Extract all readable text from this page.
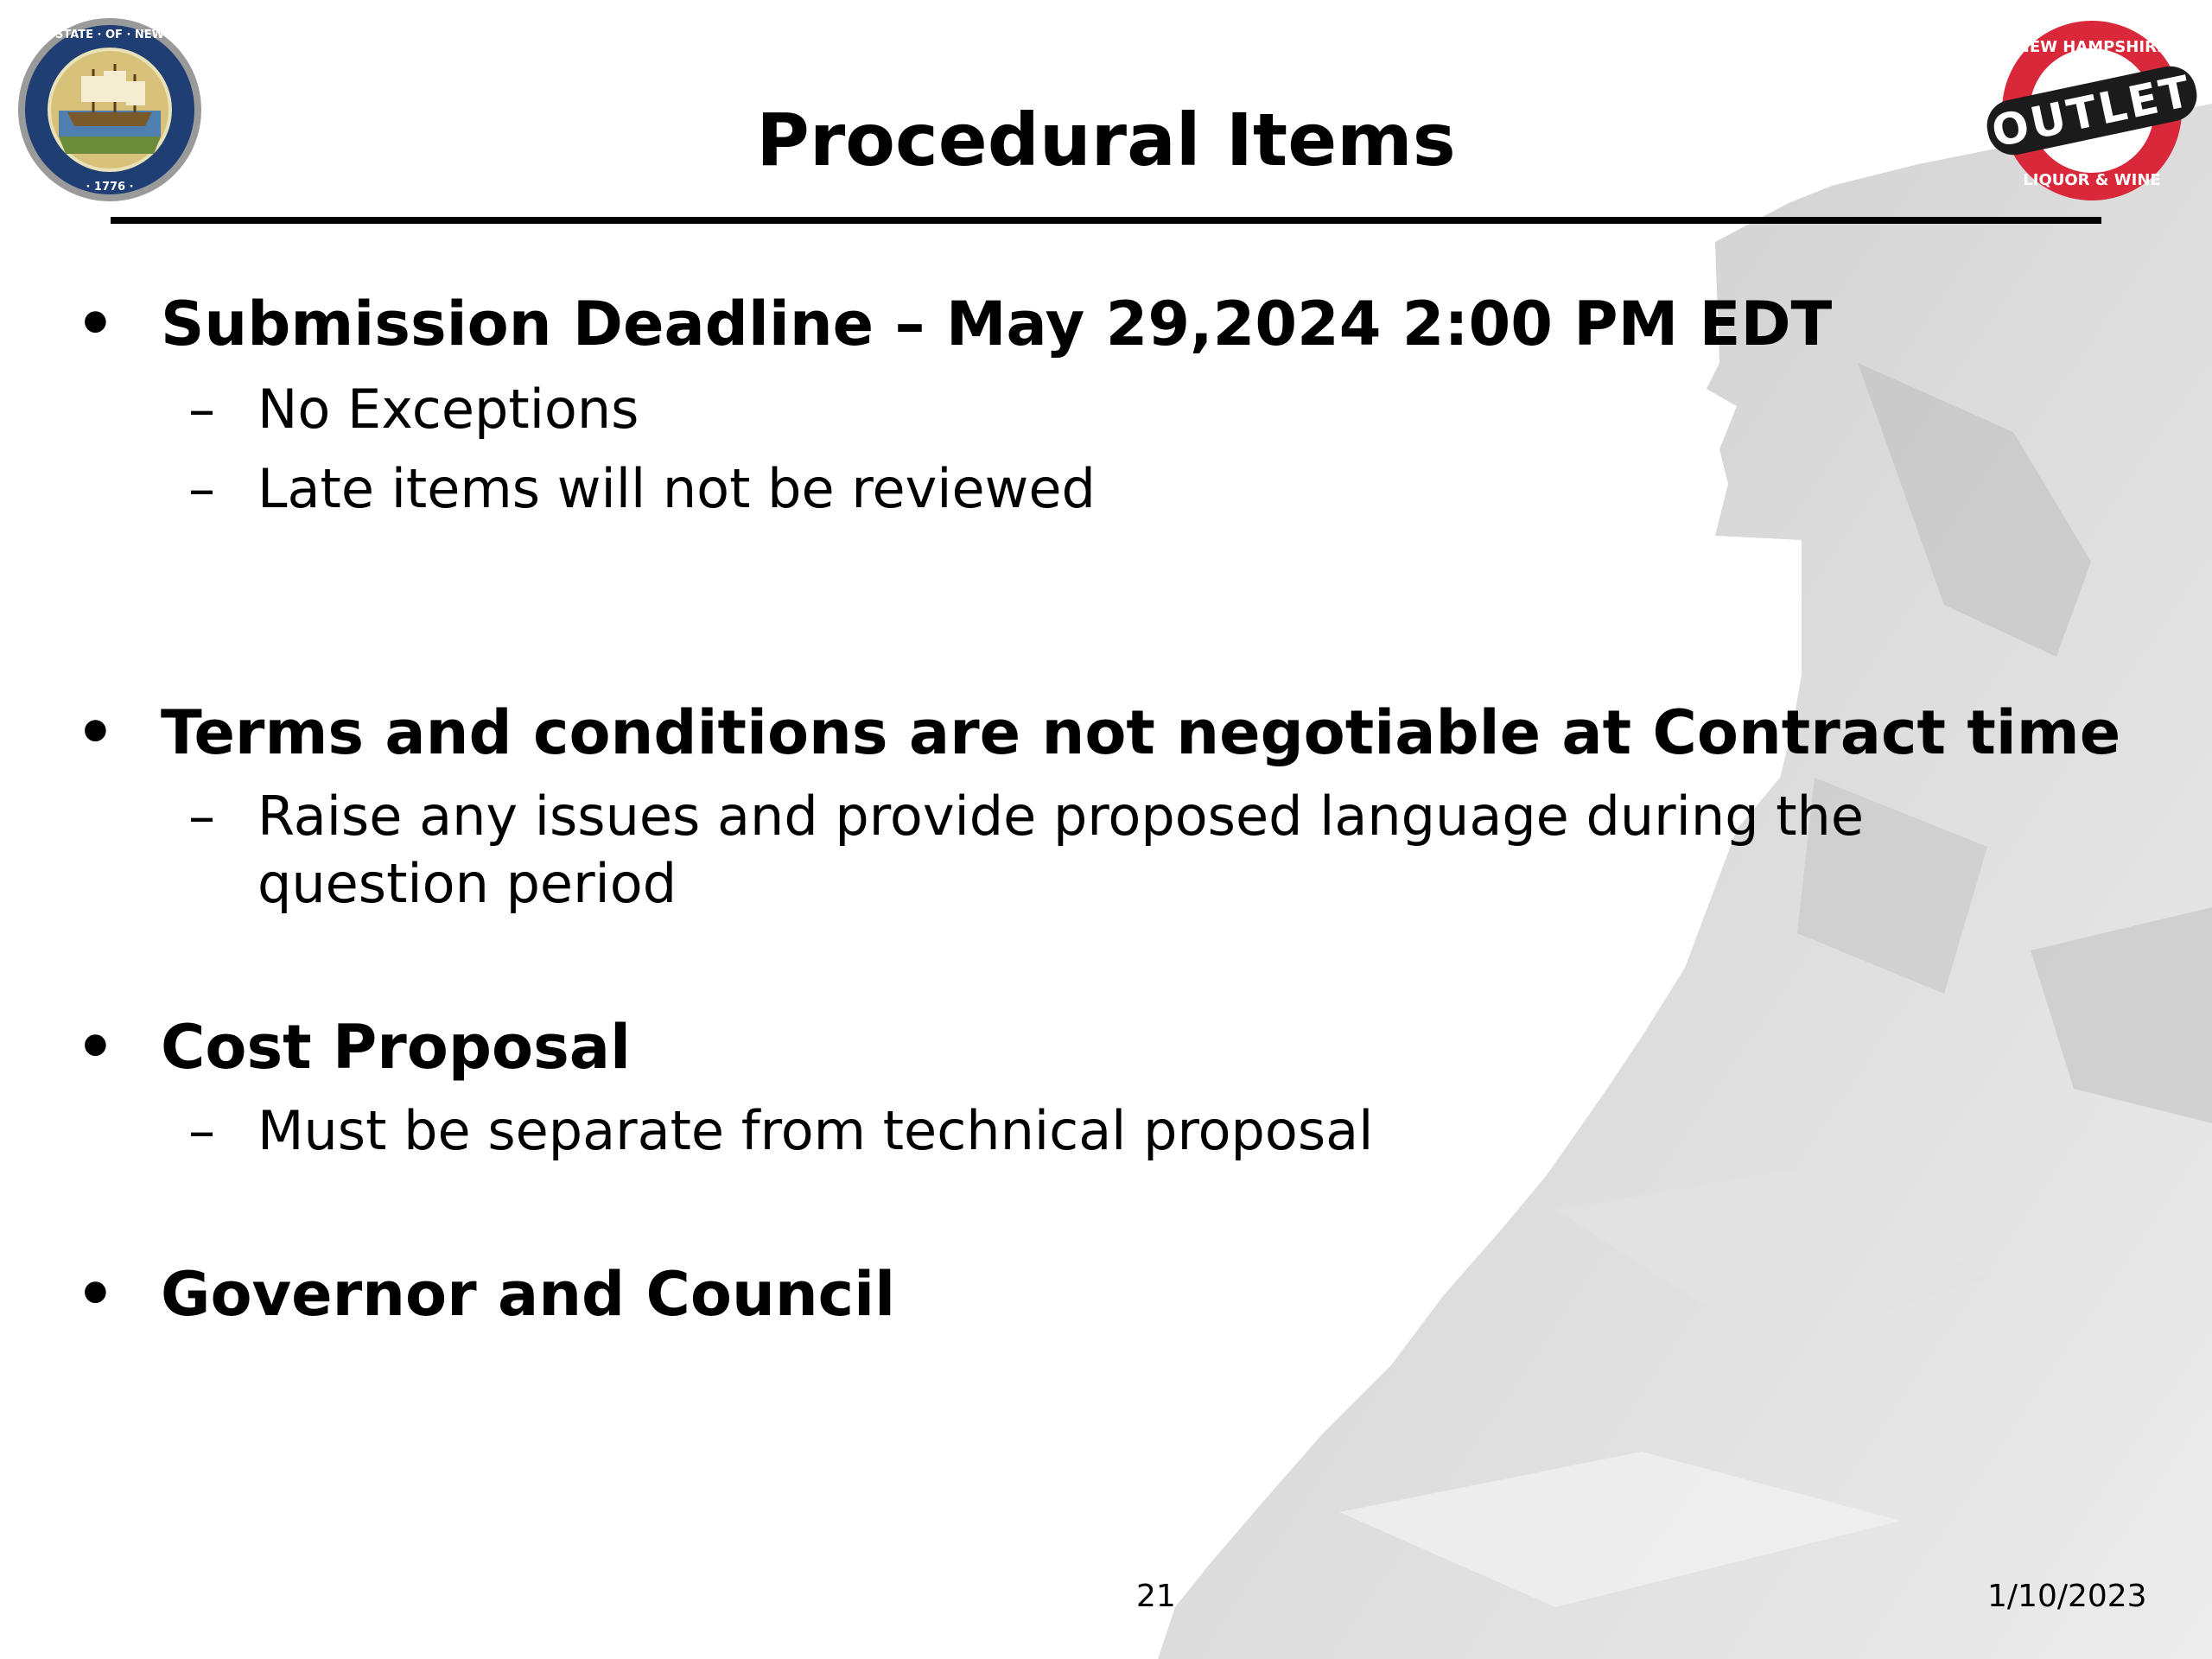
STATE · OF · NEW
· 1776 ·
OUTLET
NEW HAMPSHIRE
LIQUOR & WINE
Procedural Items
• Submission Deadline – May 29,2024 2:00 PM EDT
– No Exceptions
– Late items will not be reviewed
• Terms and conditions are not negotiable at Contract time
– Raise any issues and provide proposed language during the
question period
• Cost Proposal
– Must be separate from technical proposal
• Governor and Council
21	1/10/2023
